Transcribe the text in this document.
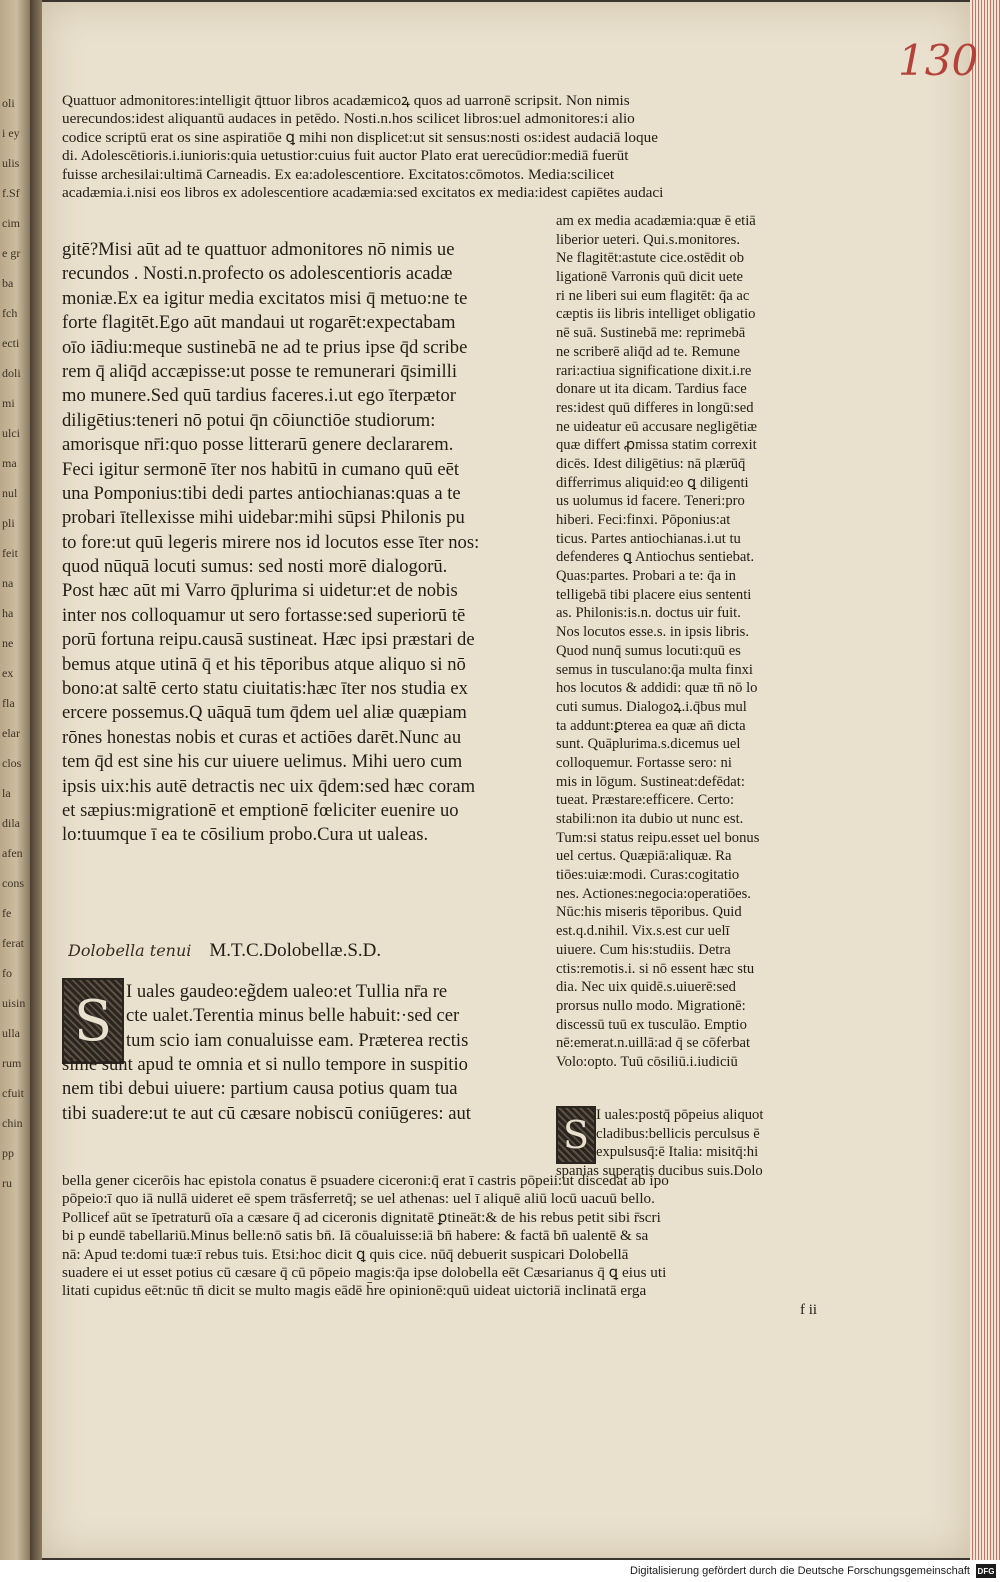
oli
i ey
ulis
f.Sf
cim
e gr
ba
fch
ecti
doli
mi
ulci
ma
nul
pli
feit
na
ha
ne
ex
fla
elar
clos
la
dila
afen
cons
fe
ferat
fo
uisin
ulla
rum
cfuit
chin
pp
ru
130
Quattuor admonitores:intelligit q̄ttuor libros acadæmicoꝝ quos ad uarronē scripsit. Non nimis
uerecundos:idest aliquantū audaces in petēdo. Nosti.n.hos scilicet libros:uel admonitores:i alio
codice scriptū erat os sine aspiratiōe ꝗ mihi non displicet:ut sit sensus:nosti os:idest audaciā loque
di. Adolescētioris.i.iunioris:quia uetustior:cuius fuit auctor Plato erat uerecūdior:mediā fuerūt
fuisse archesilai:ultimā Carneadis. Ex ea:adolescentiore. Excitatos:cōmotos. Media:scilicet
acadæmia.i.nisi eos libros ex adolescentiore acadæmia:sed excitatos ex media:idest capiētes audaci
gitē?Misi aūt ad te quattuor admonitores nō nimis ue
recundos . Nosti.n.profecto os adolescentioris acadæ
moniæ.Ex ea igitur media excitatos misi q̄ metuo:ne te
forte flagitēt.Ego aūt mandaui ut rogarēt:expectabam
oīo iādiu:meque sustinebā ne ad te prius ipse q̄d scribe
rem q̄ aliq̄d accæpisse:ut posse te remunerari q̄similli
mo munere.Sed quū tardius faceres.i.ut ego īterpætor
diligētius:teneri nō potui q̄n cōiunctiōe studiorum:
amorisque nr̄i:quo posse litterarū genere declararem.
Feci igitur sermonē īter nos habitū in cumano quū eēt
una Pomponius:tibi dedi partes antiochianas:quas a te
probari ītellexisse mihi uidebar:mihi sūpsi Philonis pu
to fore:ut quū legeris mirere nos id locutos esse īter nos:
quod nūquā locuti sumus: sed nosti morē dialogorū.
Post hæc aūt mi Varro q̄plurima si uidetur:et de nobis
inter nos colloquamur ut sero fortasse:sed superiorū tē
porū fortuna reipu.causā sustineat. Hæc ipsi præstari de
bemus atque utinā q̄ et his tēporibus atque aliquo si nō
bono:at saltē certo statu ciuitatis:hæc īter nos studia ex
ercere possemus.Q uāquā tum q̄dem uel aliæ quæpiam
rōnes honestas nobis et curas et actiōes darēt.Nunc au
tem q̄d est sine his cur uiuere uelimus. Mihi uero cum
ipsis uix:his autē detractis nec uix q̄dem:sed hæc coram
et sæpius:migrationē et emptionē fœliciter euenire uo
lo:tuumque ī ea te cōsilium probo.Cura ut ualeas.
Dolobella tenui M.T.C.Dolobellæ.S.D.
S I uales gaudeo:eg̃dem ualeo:et Tullia nr̄a re
cte ualet.Terentia minus belle habuit:·sed cer
tum scio iam conualuisse eam. Præterea rectis
sime sunt apud te omnia et si nullo tempore in suspitio
nem tibi debui uiuere: partium causa potius quam tua
tibi suadere:ut te aut cū cæsare nobiscū coniūgeres: aut
am ex media acadæmia:quæ ē etiā
liberior ueteri. Qui.s.monitores.
Ne flagitēt:astute cice.ostēdit ob
ligationē Varronis quū dicit uete
ri ne liberi sui eum flagitēt: q̄a ac
cæptis iis libris intelliget obligatio
nē suā. Sustinebā me: reprimebā
ne scriberē aliq̄d ad te. Remune
rari:actiua significatione dixit.i.re
donare ut ita dicam. Tardius face
res:idest quū differes in longū:sed
ne uideatur eū accusare negligētiæ
quæ differt ꝓmissa statim correxit
dicēs. Idest diligētius: nā plærūq̄
differrimus aliquid:eo ꝗ diligenti
us uolumus id facere. Teneri:pro
hiberi. Feci:finxi. Pōponius:at
ticus. Partes antiochianas.i.ut tu
defenderes ꝗ Antiochus sentiebat.
Quas:partes. Probari a te: q̄a in
telligebā tibi placere eius sententi
as. Philonis:is.n. doctus uir fuit.
Nos locutos esse.s. in ipsis libris.
Quod nunq̄ sumus locuti:quū es
semus in tusculano:q̄a multa finxi
hos locutos & addidi: quæ tn̄ nō lo
cuti sumus. Dialogoꝝ.i.q̄bus mul
ta addunt:ꝑterea ea quæ an̄ dicta
sunt. Quāplurima.s.dicemus uel
colloquemur. Fortasse sero: ni
mis in lōgum. Sustineat:defēdat:
tueat. Præstare:efficere. Certo:
stabili:non ita dubio ut nunc est.
Tum:si status reipu.esset uel bonus
uel certus. Quæpiā:aliquæ. Ra
tiōes:uiæ:modi. Curas:cogitatio
nes. Actiones:negocia:operatiōes.
Nūc:his miseris tēporibus. Quid
est.q.d.nihil. Vix.s.est cur uelī
uiuere. Cum his:studiis. Detra
ctis:remotis.i. si nō essent hæc stu
dia. Nec uix quidē.s.uiuerē:sed
prorsus nullo modo. Migrationē:
discessū tuū ex tusculāo. Emptio
nē:emerat.n.uillā:ad q̄ se cōferbat
Volo:opto. Tuū cōsiliū.i.iudiciū
S I uales:postq̄ pōpeius aliquot
cladibus:bellicis perculsus ē
expulsusq̄:ē Italia: misitq̄:hi
spanias superatis ducibus suis.Dolo
bella gener cicerōis hac epistola conatus ē psuadere ciceroni:q̄ erat ī castris pōpeii:ut discedat ab ipo
pōpeio:ī quo iā nullā uideret eē spem trāsferretq̄; se uel athenas: uel ī aliquē aliū locū uacuū bello.
Pollicef aūt se īpetraturū oīa a cæsare q̄ ad ciceronis dignitatē ꝑtineāt:& de his rebus petit sibi r̄scri
bi p eundē tabellariū.Minus belle:nō satis bn̄. Iā cōualuisse:iā bn̄ habere: & factā bn̄ ualentē & sa
nā: Apud te:domi tuæ:ī rebus tuis. Etsi:hoc dicit ꝗ quis cice. nūq̄ debuerit suspicari Dolobellā
suadere ei ut esset potius cū cæsare q̄ cū pōpeio magis:q̄a ipse dolobella eēt Cæsarianus q̄ ꝗ eius uti
litati cupidus eēt:nūc tn̄ dicit se multo magis eādē h̄re opinionē:quū uideat uictoriā inclinatā erga
f ii
Digitalisierung gefördert durch die Deutsche Forschungsgemeinschaft DFG
